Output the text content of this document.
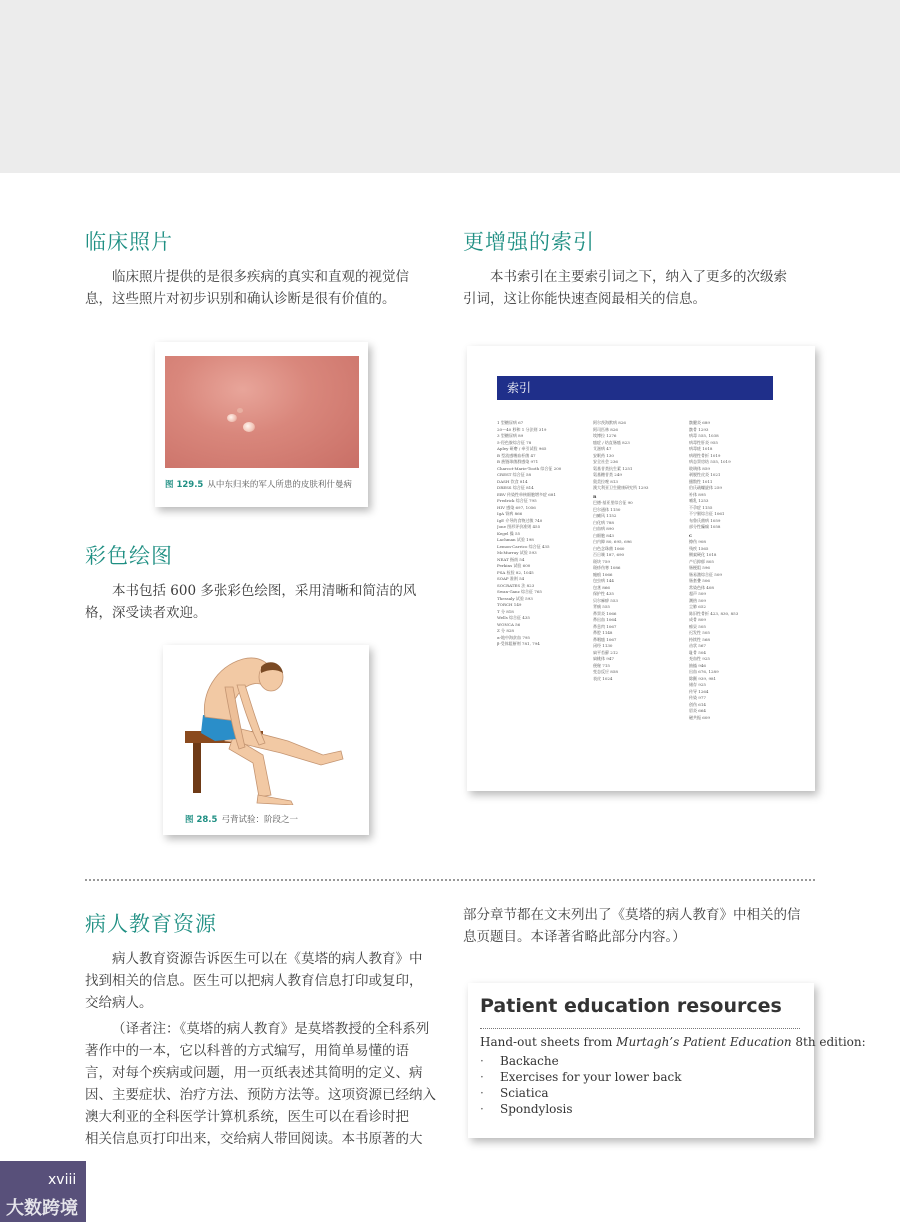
临床照片

临床照片提供的是很多疾病的真实和直观的视觉信
息，这些照片对初步识别和确认诊断是很有价值的。

图 129.5 从中东归来的军人所患的皮肤利什曼病
彩色绘图

本书包括 600 多张彩色绘图，采用清晰和简洁的风
格，深受读者欢迎。

图 28.5 弓背试验：阶段之一
更增强的索引

本书索引在主要索引词之下，纳入了更多的次级索
引词，这让你能快速查阅最相关的信息。

索引
1 型糖尿病 67
20～40 秒和 1 分法则 319
3 型糖尿病 89
5-羟色胺综合征 78
Apley 研磨 / 牵引试验 965
B 型流感嗜血杆菌 47
B 族链球菌群感染 971
Charcot-Marie-Tooth 综合征 200
CREST 综合征 58
DASH 饮食 814
DRESS 综合征 814
EBV 传染性单核细胞增多症 681
Fredrick 综合征 795
HIV 感染 697, 1056
IgA 肾病 866
IgE 介导的食物过敏 740
Jone 图形评价准则 455
Kegel 操 55
Lachman 试验 198
Lemon-Carrico 综合征 435
McMurray 试验 593
NEAT 指南 54
Perkins 试验 600
PSA 检验 82, 1045
SOAP 准则 54
SOCRATES 法 823
Swan-Ganz 综合征 765
Thessaly 试验 593
TORCH 149
T 分 818
Wells 综合征 435
WONCA 56
Z 分 828
α-地中海贫血 795
β-受体阻断剂 781, 794
阿尔茨海默病 826
阿司匹林 826
埃博拉 1276
癌症 / 结直肠癌 823
艾滋病 47
安眠药 130
安全社会 236
氨基苷类抗生素 1251
氨基糖苷类 249
奥美拉唑 813
澳大利亚卫生健康研究所 1293
B
巴德-基亚里综合征 90
巴尔通体 1150
白癜风 1152
白化病 788
白血病 890
白细胞 843
白内障 80, 695, 696
白色念珠菌 1060
百日咳 187, 690
斑块 759
斑疹伤寒 1086
瘢痕 1066
包虫病 144
包茎 866
保护性 435
贝尔麻痹 553
背痛 555
鼻窦炎 1066
鼻出血 1064
鼻息肉 1067
鼻腔 1148
鼻咽癌 1067
闭经 1130
扁平苔藓 212
扁桃体 947
便秘 715
变态反应 858
表皮 1024
髌腱炎 689
髌骨 1293
病毒 555, 1038
病毒性肝炎 955
病毒疣 1018
病理性骨折 1019
病态窦房结 555, 1019
玻璃体 859
剥脱性皮炎 1021
播散性 1011
伯氏疏螺旋体 259
补体 895
哺乳 1253
不孕症 1155
不宁腿综合征 1061
布鲁氏菌病 1059
部分性癫痫 1058
C
擦伤 908
残疾 1565
侧索硬化 1018
产后抑郁 805
肠梗阻 596
肠易激综合征 509
肠套叠 506
常染色体 408
超声 509
潮热 509
尘肺 652
陈旧性骨折 423, 830, 853
成骨 809
痴呆 505
迟发性 505
持续性 568
齿状 567
耻骨 504
充血性 925
抽搐 946
出血 676, 1289
除颤 939, 981
储存 925
传导 1264
传染 977
创伤 614
唇炎 664
磁共振 609
病人教育资源

病人教育资源告诉医生可以在《莫塔的病人教育》中
找到相关的信息。医生可以把病人教育信息打印或复印，
交给病人。

（译者注：《莫塔的病人教育》是莫塔教授的全科系列
著作中的一本，它以科普的方式编写，用简单易懂的语
言，对每个疾病或问题，用一页纸表述其简明的定义、病
因、主要症状、治疗方法、预防方法等。这项资源已经纳入
澳大利亚的全科医学计算机系统，医生可以在看诊时把
相关信息页打印出来，交给病人带回阅读。本书原著的大

部分章节都在文末列出了《莫塔的病人教育》中相关的信
息页题目。本译著省略此部分内容。）

Patient education resources

Hand-out sheets from Murtagh’s Patient Education 8th edition:

· Backache
· Exercises for your lower back
· Sciatica
· Spondylosis
xviii
大数跨境
